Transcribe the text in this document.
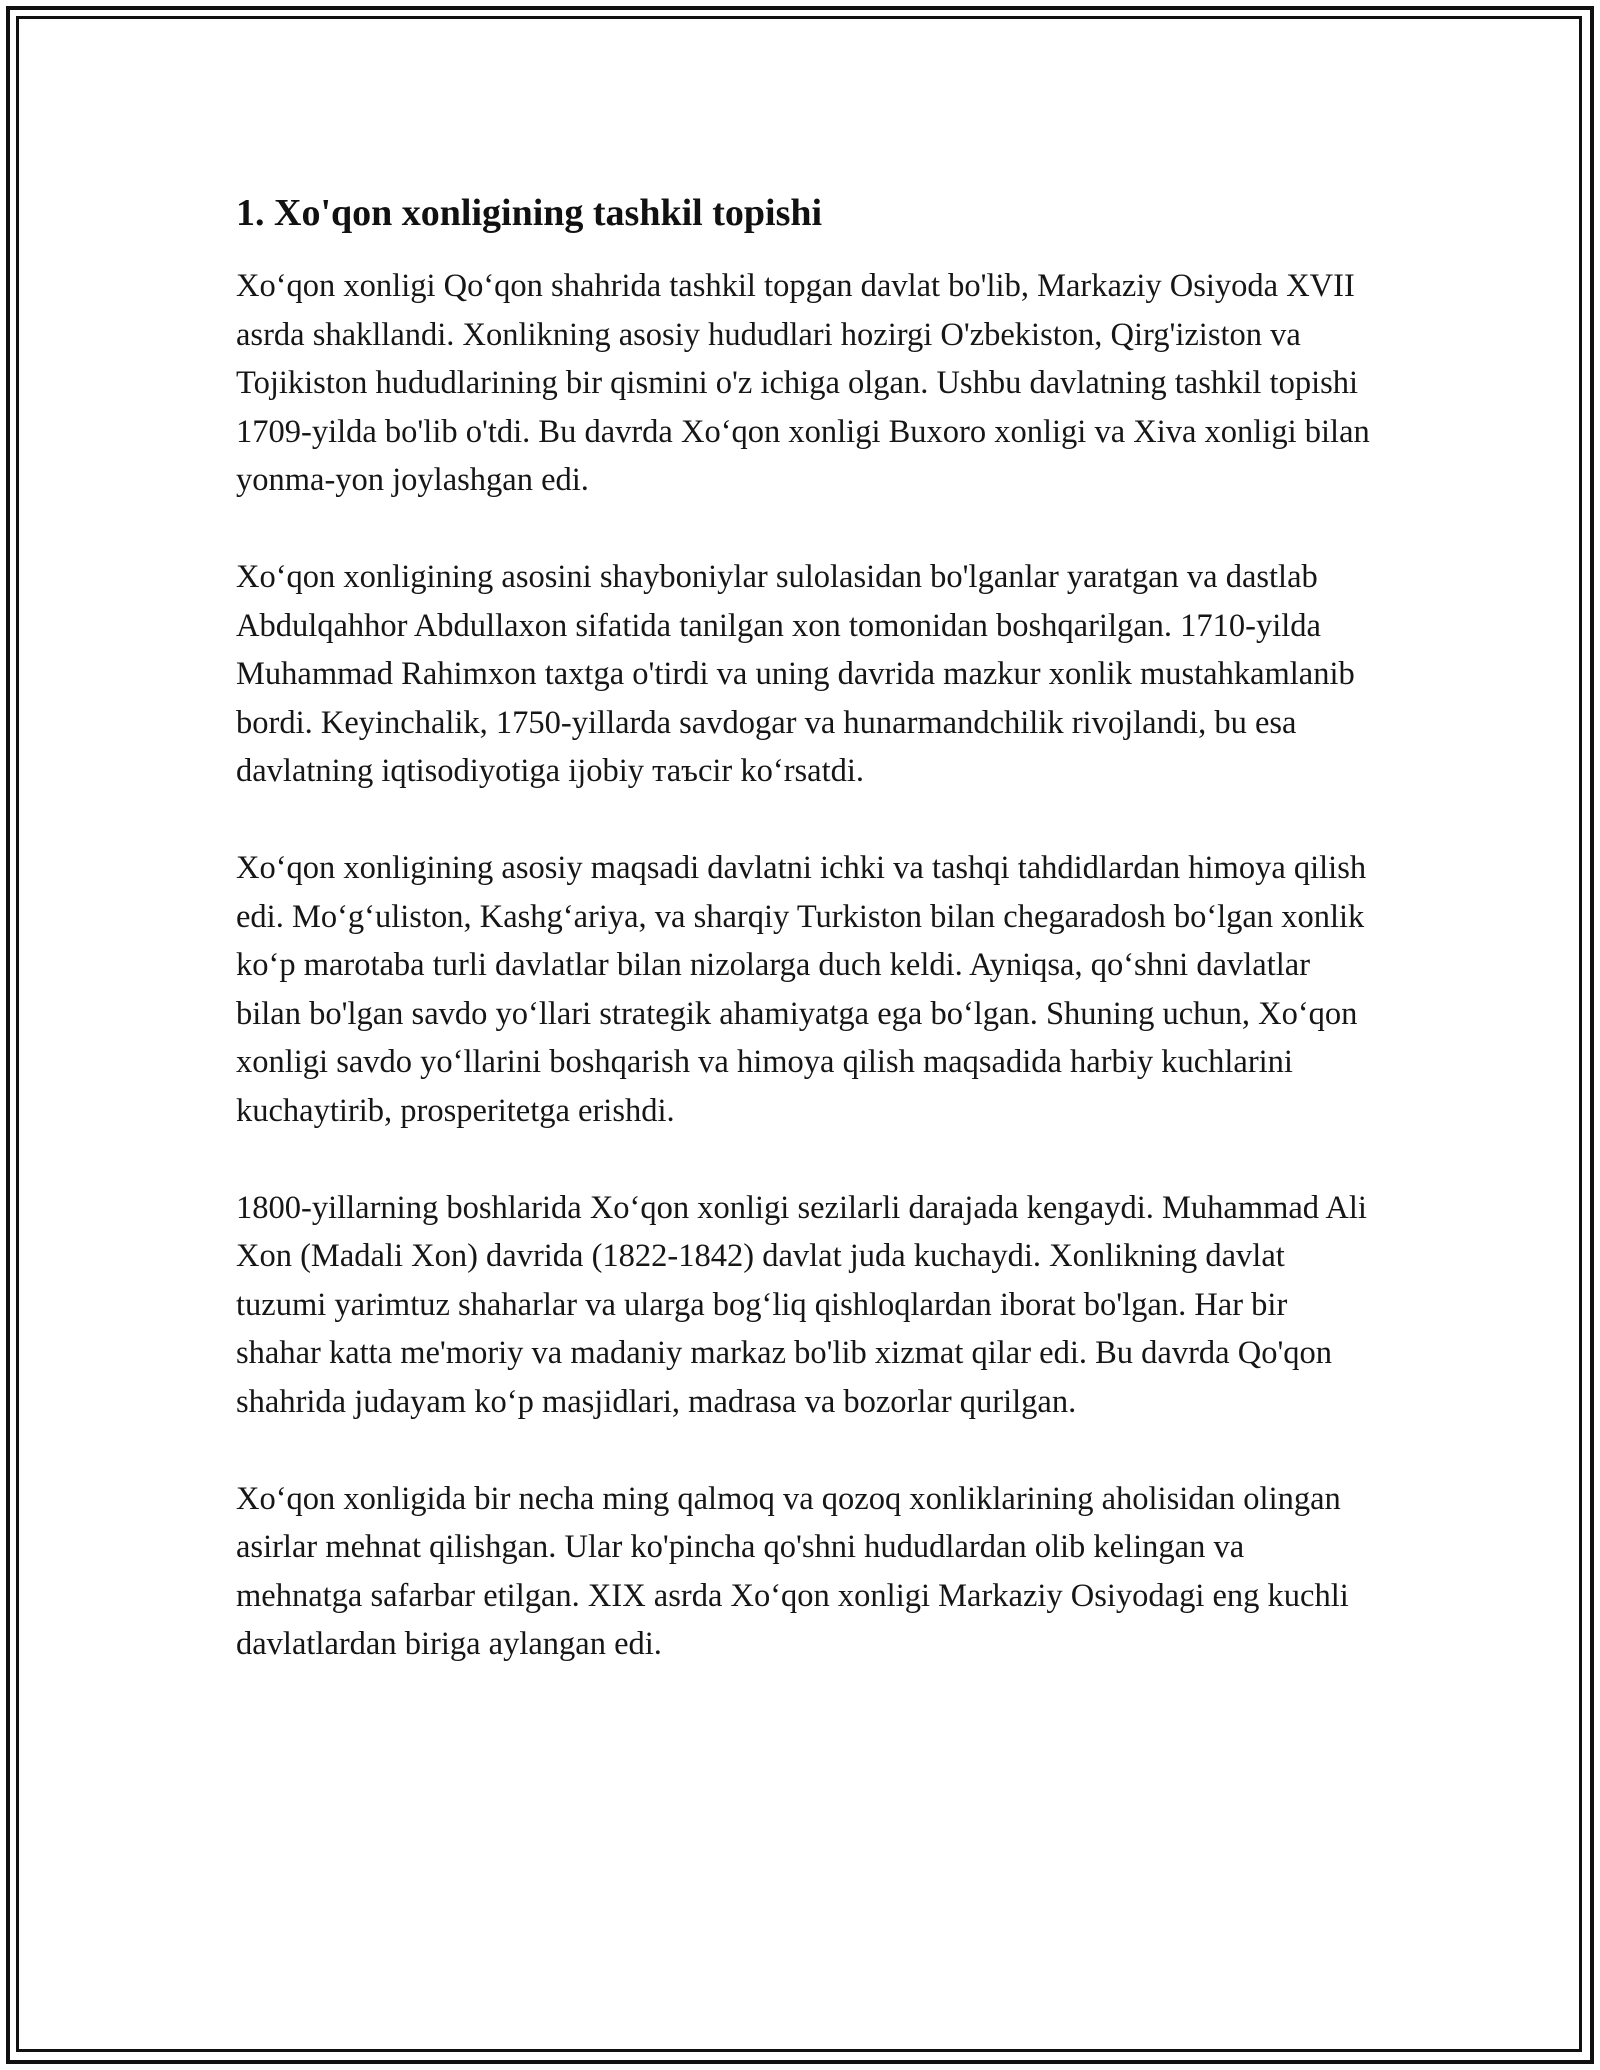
1. Xo'qon xonligining tashkil topishi

Xo‘qon xonligi Qo‘qon shahrida tashkil topgan davlat bo'lib, Markaziy Osiyoda XVII asrda shakllandi. Xonlikning asosiy hududlari hozirgi O'zbekiston, Qirg'iziston va Tojikiston hududlarining bir qismini o'z ichiga olgan. Ushbu davlatning tashkil topishi 1709-yilda bo'lib o'tdi. Bu davrda Xo‘qon xonligi Buxoro xonligi va Xiva xonligi bilan yonma-yon joylashgan edi.

Xo‘qon xonligining asosini shayboniylar sulolasidan bo'lganlar yaratgan va dastlab Abdulqahhor Abdullaxon sifatida tanilgan xon tomonidan boshqarilgan. 1710-yilda Muhammad Rahimxon taxtga o'tirdi va uning davrida mazkur xonlik mustahkamlanib bordi. Keyinchalik, 1750-yillarda savdogar va hunarmandchilik rivojlandi, bu esa davlatning iqtisodiyotiga ijobiy таъсir ko‘rsatdi.

Xo‘qon xonligining asosiy maqsadi davlatni ichki va tashqi tahdidlardan himoya qilish edi. Mo‘g‘uliston, Kashg‘ariya, va sharqiy Turkiston bilan chegaradosh bo‘lgan xonlik ko‘p marotaba turli davlatlar bilan nizolarga duch keldi. Ayniqsa, qo‘shni davlatlar bilan bo'lgan savdo yo‘llari strategik ahamiyatga ega bo‘lgan. Shuning uchun, Xo‘qon xonligi savdo yo‘llarini boshqarish va himoya qilish maqsadida harbiy kuchlarini kuchaytirib, prosperitetga erishdi.

1800-yillarning boshlarida Xo‘qon xonligi sezilarli darajada kengaydi. Muhammad Ali Xon (Madali Xon) davrida (1822-1842) davlat juda kuchaydi. Xonlikning davlat tuzumi yarimtuz shaharlar va ularga bog‘liq qishloqlardan iborat bo'lgan. Har bir shahar katta me'moriy va madaniy markaz bo'lib xizmat qilar edi. Bu davrda Qo'qon shahrida judayam ko‘p masjidlari, madrasa va bozorlar qurilgan.

Xo‘qon xonligida bir necha ming qalmoq va qozoq xonliklarining aholisidan olingan asirlar mehnat qilishgan. Ular ko'pincha qo'shni hududlardan olib kelingan va mehnatga safarbar etilgan. XIX asrda Xo‘qon xonligi Markaziy Osiyodagi eng kuchli davlatlardan biriga aylangan edi.
